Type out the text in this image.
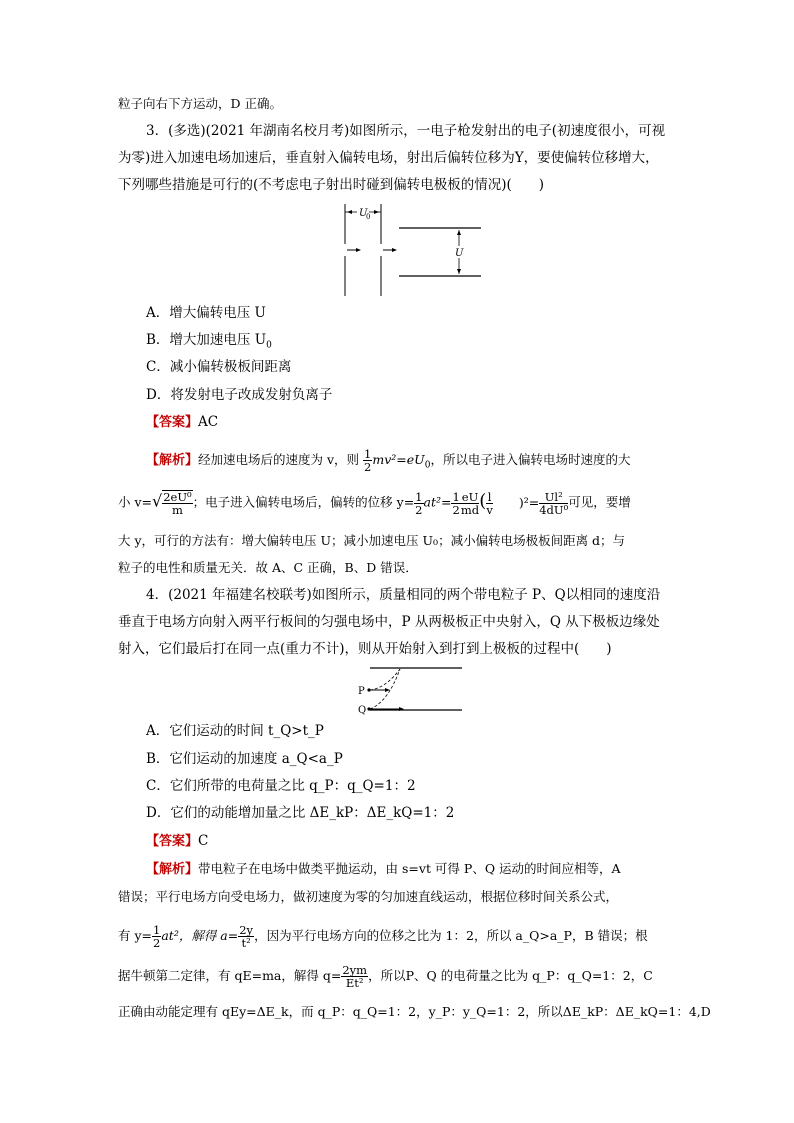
粒子向右下方运动，D 正确。
3．(多选)(2021 年湖南名校月考)如图所示，一电子枪发射出的电子(初速度很小，可视
为零)进入加速电场加速后，垂直射入偏转电场，射出后偏转位移为Y，要使偏转位移增大，
下列哪些措施是可行的(不考虑电子射出时碰到偏转电极板的情况)(　　)
U
0
U
A．增大偏转电压 U
B．增大加速电压 $U_0$
C．减小偏转极板间距离
D．将发射电子改成发射负离子
【答案】AC
【解析】经加速电场后的速度为 v，则 $\frac{1}{2} mv^2=eU_0$，所以电子进入偏转电场时速度的大
小 $v=√ \frac{\text{2eU⁰}}{m}$ ；电子进入偏转电场后，偏转的位移 $y= \frac{1}{2} at^2= \frac{1}{2} \frac{eU}{md}$ ( $\frac{l}{v} )^2= \frac{\text{Ul²}}{\text{4dU⁰}}$ 可见，要增
大 y，可行的方法有：增大偏转电压 U；减小加速电压 U₀；减小偏转电场极板间距离 d；与
粒子的电性和质量无关．故 A、C 正确，B、D 错误．
4．(2021 年福建名校联考)如图所示，质量相同的两个带电粒子 P、Q以相同的速度沿
垂直于电场方向射入两平行板间的匀强电场中，P 从两极板正中央射入，Q 从下极板边缘处
射入，它们最后打在同一点(重力不计)，则从开始射入到打到上极板的过程中(　　)
P
Q
A．它们运动的时间 t_Q>t_P
B．它们运动的加速度 a_Q<a_P
C．它们所带的电荷量之比 q_P：q_Q=1：2
D．它们的动能增加量之比 ΔE_kP：ΔE_kQ=1：2
【答案】C
【解析】带电粒子在电场中做类平抛运动，由 s=vt 可得 P、Q 运动的时间应相等，A
错误；平行电场方向受电场力，做初速度为零的匀加速直线运动，根据位移时间关系公式，
有 $y= \frac{1}{2} at^2$，解得 $a= \frac{2y}{\text{t²}}$ ，因为平行电场方向的位移之比为 1：2，所以 a_Q>a_P，B 错误；根
据牛顿第二定律，有 qE=ma，解得 $q= \frac{2ym}{\text{Et²}}$ ，所以P、Q 的电荷量之比为 q_P：q_Q=1：2，C
正确由动能定理有 qEy=ΔE_k，而 q_P：q_Q=1：2，y_P：y_Q=1：2，所以ΔE_kP：ΔE_kQ=1：4,D
